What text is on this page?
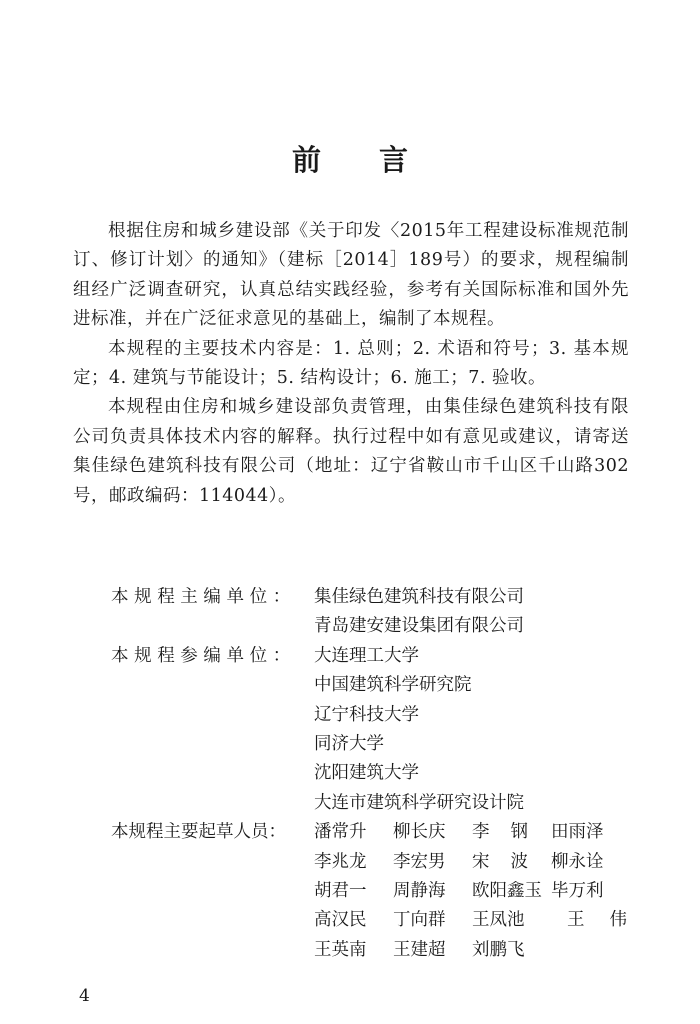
前言

根据住房和城乡建设部《关于印发〈2015年工程建设标准规范制订、修订计划〉的通知》（建标［2014］189号）的要求，规程编制组经广泛调查研究，认真总结实践经验，参考有关国际标准和国外先进标准，并在广泛征求意见的基础上，编制了本规程。

本规程的主要技术内容是：1. 总则；2. 术语和符号；3. 基本规定；4. 建筑与节能设计；5. 结构设计；6. 施工；7. 验收。

本规程由住房和城乡建设部负责管理，由集佳绿色建筑科技有限公司负责具体技术内容的解释。执行过程中如有意见或建议，请寄送集佳绿色建筑科技有限公司（地址：辽宁省鞍山市千山区千山路302号，邮政编码：114044）。

本规程主编单位：	集佳绿色建筑科技有限公司
青岛建安建设集团有限公司
本规程参编单位：	大连理工大学
中国建筑科学研究院
辽宁科技大学
同济大学
沈阳建筑大学
大连市建筑科学研究设计院
本规程主要起草人员：	潘常升	柳长庆	李 钢 田雨泽
李兆龙	李宏男	宋 波 柳永诠
胡君一	周静海	欧阳鑫玉 毕万利
高汉民	丁向群	王凤池	王 伟
王英南	王建超	刘鹏飞
4
